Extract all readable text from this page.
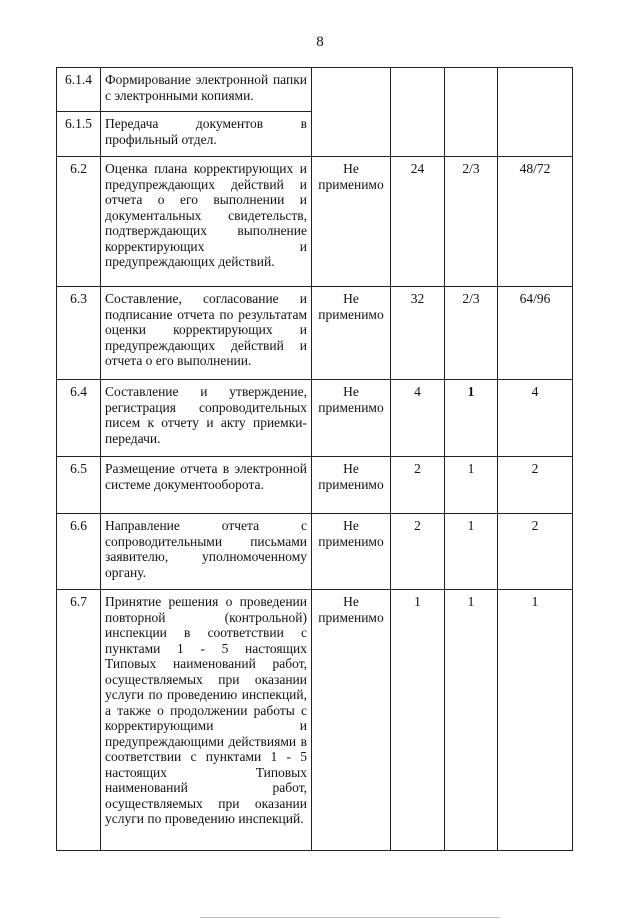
8
6.1.4	Формирование электронной папки с электронными копиями.				
6.1.5	Передача документов в профильный отдел.				
6.2	Оценка плана корректирующих и предупреждающих действий и отчета о его выполнении и документальных свидетельств, подтверждающих выполнение корректирующих и предупреждающих действий.	Не применимо	24	2/3	48/72
6.3	Составление, согласование и подписание отчета по результатам оценки корректирующих и предупреждающих действий и отчета о его выполнении.	Не применимо	32	2/3	64/96
6.4	Составление и утверждение, регистрация сопроводительных писем к отчету и акту приемки-передачи.	Не применимо	4	1	4
6.5	Размещение отчета в электронной системе документооборота.	Не применимо	2	1	2
6.6	Направление отчета с сопроводительными письмами заявителю, уполномоченному органу.	Не применимо	2	1	2
6.7	Принятие решения о проведении повторной (контрольной) инспекции в соответствии с пунктами 1 - 5 настоящих Типовых наименований работ, осуществляемых при оказании услуги по проведению инспекций, а также о продолжении работы с корректирующими и предупреждающими действиями в соответствии с пунктами 1 - 5 настоящих Типовых наименований работ, осуществляемых при оказании услуги по проведению инспекций.	Не применимо	1	1	1
